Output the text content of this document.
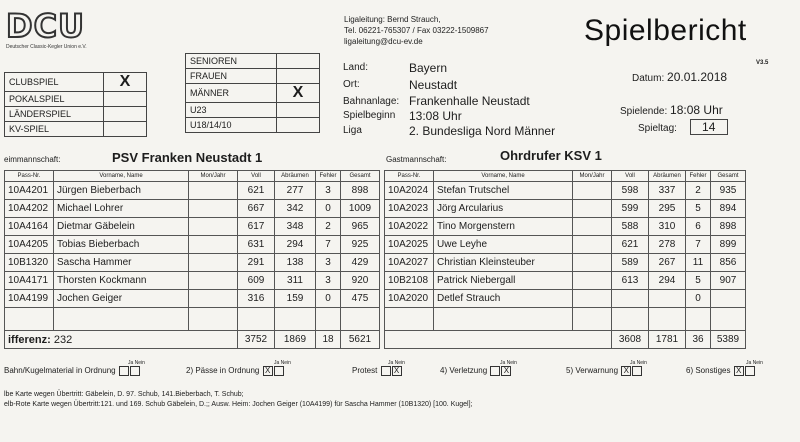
DCU
Deutscher Classic-Kegler Union e.V.
Ligaleitung: Bernd Strauch,
Tel. 06221-765307 / Fax 03222-1509867
ligaleitung@dcu-ev.de	Spielbericht
V3.5
CLUBSPIEL	X
POKALSPIEL	
LÄNDERSPIEL	
KV-SPIEL	
SENIOREN	
FRAUEN	
MÄNNER	X
U23	
U18/14/10	
Land:	Bayern
Ort:	Neustadt	Datum: 20.01.2018
Bahnanlage: Frankenhalle Neustadt
Spielbeginn 13:08 Uhr	Spielende: 18:08 Uhr
Liga	2. Bundesliga Nord Männer	Spieltag: 14
eimmannschaft:	PSV Franken Neustadt 1	Gastmannschaft:	Ohrdrufer KSV 1
Pass-Nr.	Vorname, Name	Mon/Jahr	Voll	Abräumen	Fehler	Gesamt
10A4201	Jürgen Bieberbach		621	277	3	898
10A4202	Michael Lohrer		667	342	0	1009
10A4164	Dietmar Gäbelein		617	348	2	965
10A4205	Tobias Bieberbach		631	294	7	925
10B1320	Sascha Hammer		291	138	3	429
10A4171	Thorsten Kockmann		609	311	3	920
10A4199	Jochen Geiger		316	159	0	475

ifferenz: 232			3752	1869	18	5621
Pass-Nr.	Vorname, Name	Mon/Jahr	Voll	Abräumen	Fehler	Gesamt
10A2024	Stefan Trutschel		598	337	2	935
10A2023	Jörg Arcularius		599	295	5	894
10A2022	Tino Morgenstern		588	310	6	898
10A2025	Uwe Leyhe		621	278	7	899
10A2027	Christian Kleinsteuber		589	267	11	856
10B2108	Patrick Niebergall		613	294	5	907
10A2020	Detlef Strauch				0	

			3608	1781	36	5389
Bahn/Kugelmaterial in Ordnung	2) Pässe in Ordnung X	Protest X	4) Verletzung X	5) Verwarnung X	6) Sonstiges X
Ja Nein	Ja Nein	Ja Nein	Ja Nein	Ja Nein	Ja Nein
lbe Karte wegen Übertritt: Gäbelein, D. 97. Schub, 141.Bieberbach, T. Schub;
elb-Rote Karte wegen Übertritt:121. und 169. Schub Gäbelein, D.;; Ausw. Heim: Jochen Geiger (10A4199) für Sascha Hammer (10B1320) [100. Kugel];
